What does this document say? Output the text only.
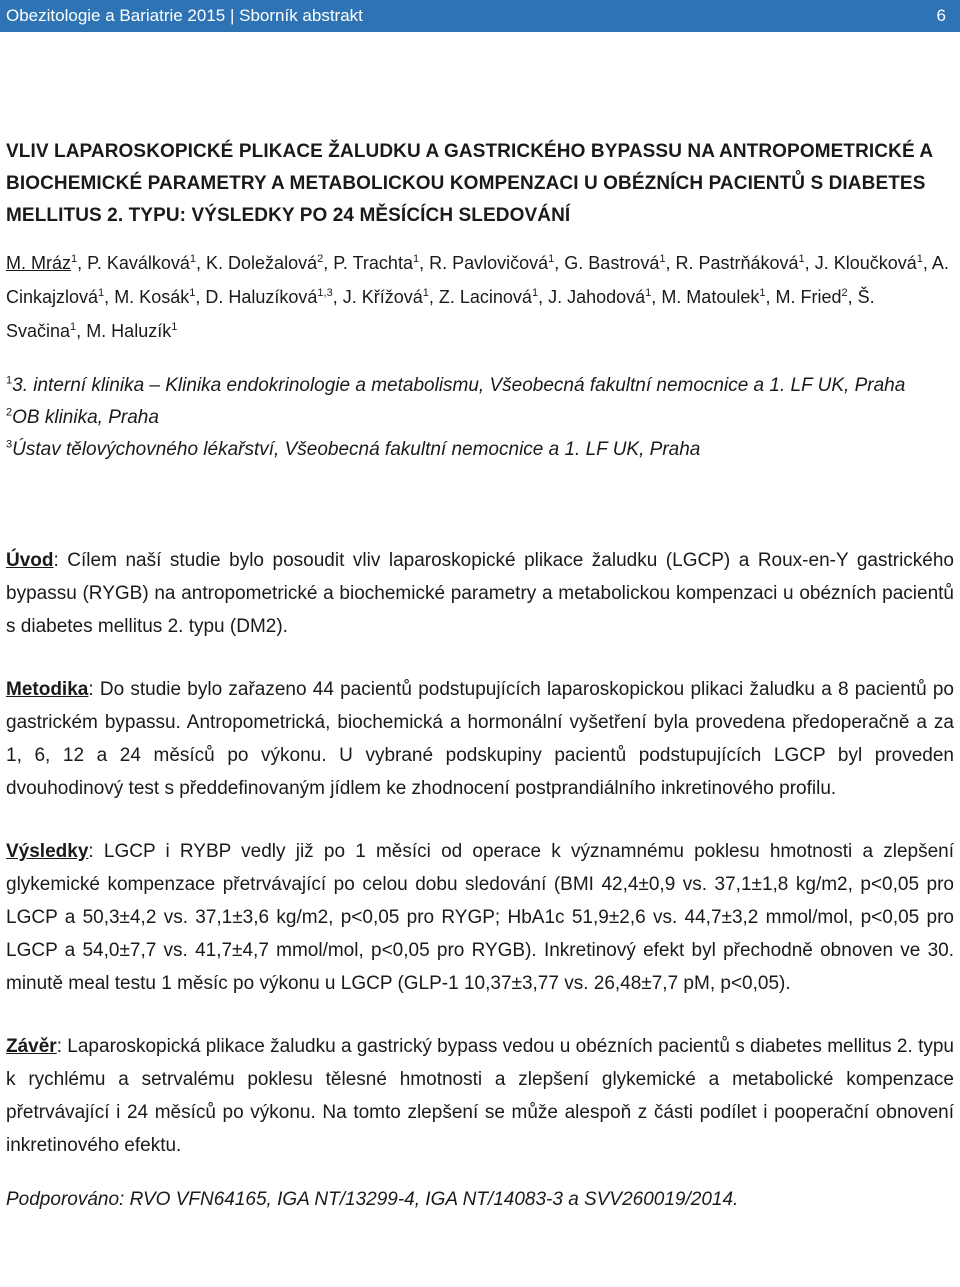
Obezitologie a Bariatrie 2015 | Sborník abstrakt	6
VLIV LAPAROSKOPICKÉ PLIKACE ŽALUDKU A GASTRICKÉHO BYPASSU NA ANTROPOMETRICKÉ A BIOCHEMICKÉ PARAMETRY A METABOLICKOU KOMPENZACI U OBÉZNÍCH PACIENTŮ S DIABETES MELLITUS 2. TYPU: VÝSLEDKY PO 24 MĚSÍCÍCH SLEDOVÁNÍ
M. Mráz$^1$, P. Kaválková$^1$, K. Doležalová$^2$, P. Trachta$^1$, R. Pavlovičová$^1$, G. Bastrová$^1$, R. Pastrňáková$^1$, J. Kloučková$^1$, A. Cinkajzlová$^1$, M. Kosák$^1$, D. Haluzíková$^{1,3}$, J. Křížová$^1$, Z. Lacinová$^1$, J. Jahodová$^1$, M. Matoulek$^1$, M. Fried$^2$, Š. Svačina$^1$, M. Haluzík$^1$
$^1$3. interní klinika – Klinika endokrinologie a metabolismu, Všeobecná fakultní nemocnice a 1. LF UK, Praha
$^2$OB klinika, Praha
$^3$Ústav tělovýchovného lékařství, Všeobecná fakultní nemocnice a 1. LF UK, Praha

Úvod: Cílem naší studie bylo posoudit vliv laparoskopické plikace žaludku (LGCP) a Roux-en-Y gastrického bypassu (RYGB) na antropometrické a biochemické parametry a metabolickou kompenzaci u obézních pacientů s diabetes mellitus 2. typu (DM2).

Metodika: Do studie bylo zařazeno 44 pacientů podstupujících laparoskopickou plikaci žaludku a 8 pacientů po gastrickém bypassu. Antropometrická, biochemická a hormonální vyšetření byla provedena předoperačně a za 1, 6, 12 a 24 měsíců po výkonu. U vybrané podskupiny pacientů podstupujících LGCP byl proveden dvouhodinový test s předdefinovaným jídlem ke zhodnocení postprandiálního inkretinového profilu.

Výsledky: LGCP i RYBP vedly již po 1 měsíci od operace k významnému poklesu hmotnosti a zlepšení glykemické kompenzace přetrvávající po celou dobu sledování (BMI 42,4±0,9 vs. 37,1±1,8 kg/m2, p<0,05 pro LGCP a 50,3±4,2 vs. 37,1±3,6 kg/m2, p<0,05 pro RYGP; HbA1c 51,9±2,6 vs. 44,7±3,2 mmol/mol, p<0,05 pro LGCP a 54,0±7,7 vs. 41,7±4,7 mmol/mol, p<0,05 pro RYGB). Inkretinový efekt byl přechodně obnoven ve 30. minutě meal testu 1 měsíc po výkonu u LGCP (GLP-1 10,37±3,77 vs. 26,48±7,7 pM, p<0,05).

Závěr: Laparoskopická plikace žaludku a gastrický bypass vedou u obézních pacientů s diabetes mellitus 2. typu k rychlému a setrvalému poklesu tělesné hmotnosti a zlepšení glykemické a metabolické kompenzace přetrvávající i 24 měsíců po výkonu. Na tomto zlepšení se může alespoň z části podílet i pooperační obnovení inkretinového efektu.

Podporováno: RVO VFN64165, IGA NT/13299-4, IGA NT/14083-3 a SVV260019/2014.
